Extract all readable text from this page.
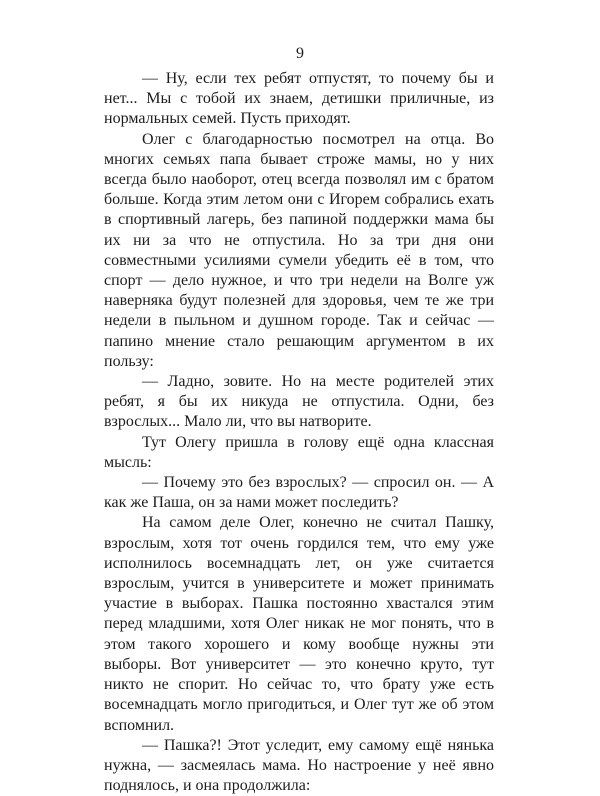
9

— Ну, если тех ребят отпустят, то почему бы и нет... Мы с тобой их знаем, детишки приличные, из нормальных семей. Пусть приходят.

Олег с благодарностью посмотрел на отца. Во многих семьях папа бывает строже мамы, но у них всегда было наоборот, отец всегда позволял им с братом больше. Когда этим летом они с Игорем собрались ехать в спортивный лагерь, без папиной поддержки мама бы их ни за что не отпустила. Но за три дня они совместными усилиями сумели убедить её в том, что спорт — дело нужное, и что три недели на Волге уж наверняка будут полезней для здоровья, чем те же три недели в пыльном и душном городе. Так и сейчас — папино мнение стало решающим аргументом в их пользу:

— Ладно, зовите. Но на месте родителей этих ребят, я бы их никуда не отпустила. Одни, без взрослых... Мало ли, что вы натворите.

Тут Олегу пришла в голову ещё одна классная мысль:

— Почему это без взрослых? — спросил он. — А как же Паша, он за нами может последить?

На самом деле Олег, конечно не считал Пашку, взрослым, хотя тот очень гордился тем, что ему уже исполнилось восемнадцать лет, он уже считается взрослым, учится в университете и может принимать участие в выборах. Пашка постоянно хвастался этим перед младшими, хотя Олег никак не мог понять, что в этом такого хорошего и кому вообще нужны эти выборы. Вот университет — это конечно круто, тут никто не спорит. Но сейчас то, что брату уже есть восемнадцать могло пригодиться, и Олег тут же об этом вспомнил.

— Пашка?! Этот уследит, ему самому ещё нянька нужна, — засмеялась мама. Но настроение у неё явно поднялось, и она продолжила:
